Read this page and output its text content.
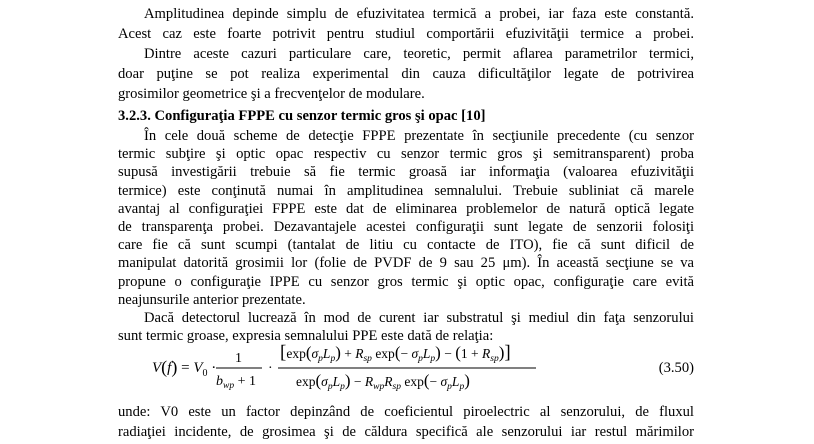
Amplitudinea depinde simplu de efuzivitatea termică a probei, iar faza este constantă.
Acest caz este foarte potrivit pentru studiul comportării efuzivităţii termice a probei.
Dintre aceste cazuri particulare care, teoretic, permit aflarea parametrilor termici,
doar puţine se pot realiza experimental din cauza dificultăţilor legate de potrivirea
grosimilor geometrice şi a frecvenţelor de modulare.
3.2.3. Configuraţia FPPE cu senzor termic gros şi opac [10]
În cele două scheme de detecţie FPPE prezentate în secţiunile precedente (cu senzor
termic subţire şi optic opac respectiv cu senzor termic gros şi semitransparent) proba
supusă investigării trebuie să fie termic groasă iar informaţia (valoarea efuzivităţii
termice) este conţinută numai în amplitudinea semnalului. Trebuie subliniat că marele
avantaj al configuraţiei FPPE este dat de eliminarea problemelor de natură optică legate
de transparenţa probei. Dezavantajele acestei configuraţii sunt legate de senzorii folosiţi
care fie că sunt scumpi (tantalat de litiu cu contacte de ITO), fie că sunt dificil de
manipulat datorită grosimii lor (folie de PVDF de 9 sau 25 μm). În această secţiune se va
propune o configuraţie IPPE cu senzor gros termic şi optic opac, configuraţie care evită
neajunsurile anterior prezentate.
$V(f) = V_0$ ·
1
$b_{wp} + 1$
·
[$\exp(\sigma_pL_p) + R_{sp}$ $\exp(- \sigma_pL_p) - (1 + R_{sp})$]
$\exp(\sigma_pL_p) - R_{wp}R_{sp}$ $\exp(- \sigma_pL_p)$
(3.50)
unde: V0 este un factor depinzând de coeficientul piroelectric al senzorului, de fluxul
radiaţiei incidente, de grosimea şi de căldura specifică ale senzorului iar restul mărimilor
Dacă detectorul lucrează în mod de curent iar substratul şi mediul din faţa senzorului
sunt termic groase, expresia semnalului PPE este dată de relaţia:
